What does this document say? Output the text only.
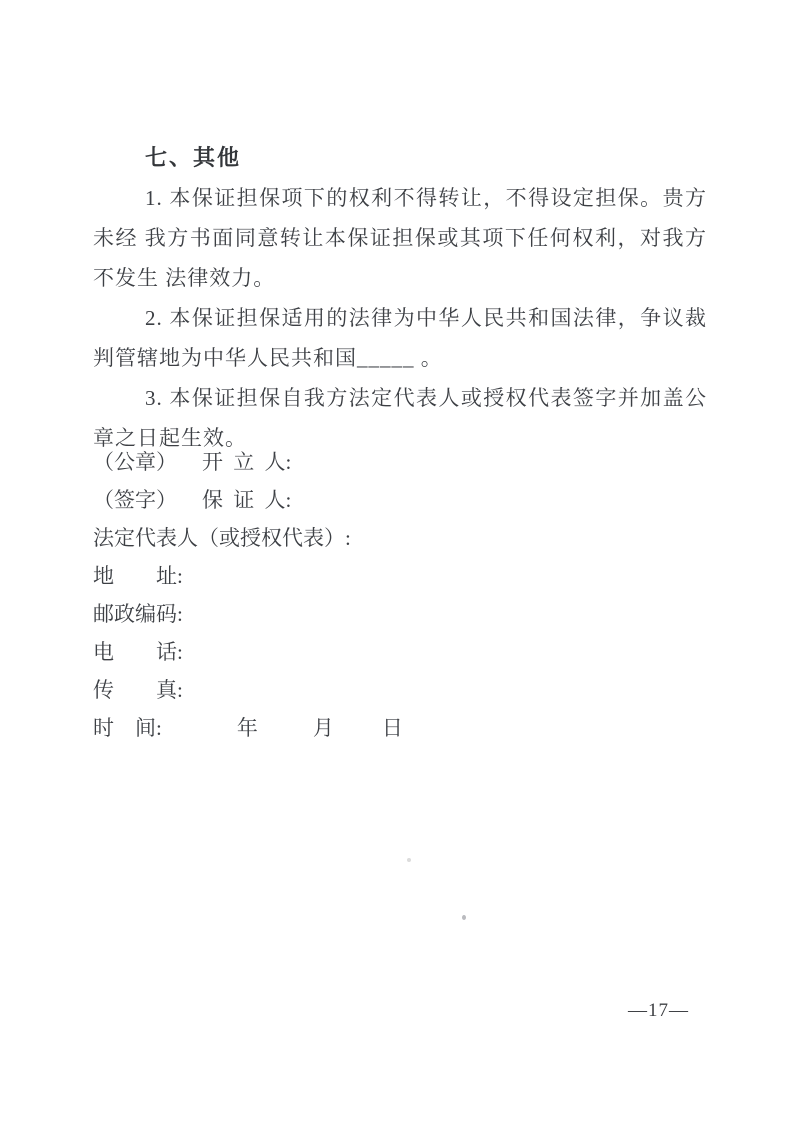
七、其他

1. 本保证担保项下的权利不得转让，不得设定担保。贵方

未经 我方书面同意转让本保证担保或其项下任何权利，对我方

不发生 法律效力。

2. 本保证担保适用的法律为中华人民共和国法律，争议裁

判管辖地为中华人民共和国_____ 。

3. 本保证担保自我方法定代表人或授权代表签字并加盖公

章之日起生效。

（公章）	开 立 人:
（签字）	保 证 人:
法定代表人（或授权代表）:
地　　址:
邮政编码:
电　　话:
传　　真:
时　间:	年	月 日
—17—
